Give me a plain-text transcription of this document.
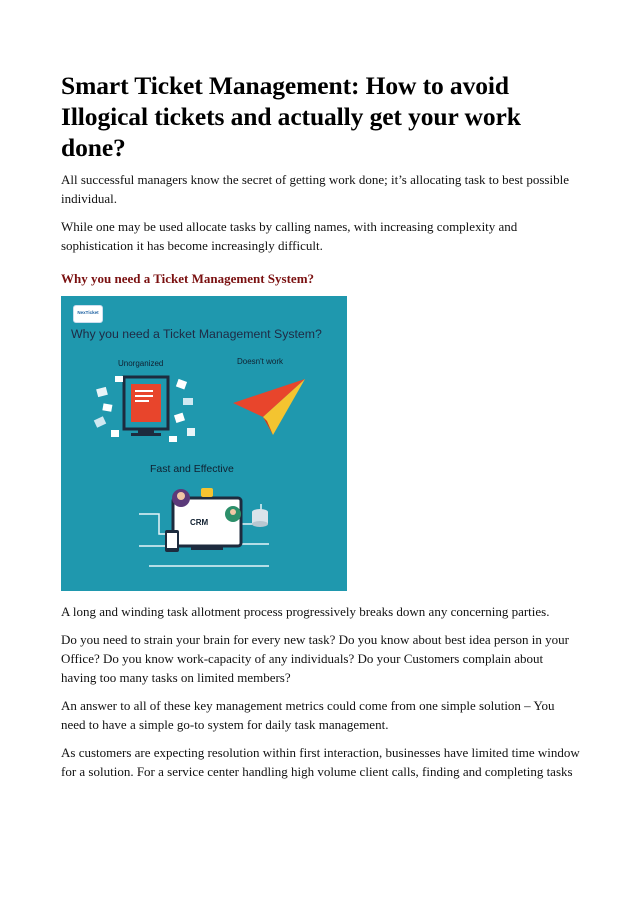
Smart Ticket Management: How to avoid Illogical tickets and actually get your work done?

All successful managers know the secret of getting work done; it’s allocating task to best possible individual.

While one may be used allocate tasks by calling names, with increasing complexity and sophistication it has become increasingly difficult.

Why you need a Ticket Management System?
NexTicket
Why you need a Ticket Management System?
Unorganized	Doesn't work
Fast and Effective
CRM

A long and winding task allotment process progressively breaks down any concerning parties.

Do you need to strain your brain for every new task? Do you know about best idea person in your Office? Do you know work-capacity of any individuals? Do your Customers complain about having too many tasks on limited members?

An answer to all of these key management metrics could come from one simple solution – You need to have a simple go-to system for daily task management.

As customers are expecting resolution within first interaction, businesses have limited time window for a solution. For a service center handling high volume client calls, finding and completing tasks
